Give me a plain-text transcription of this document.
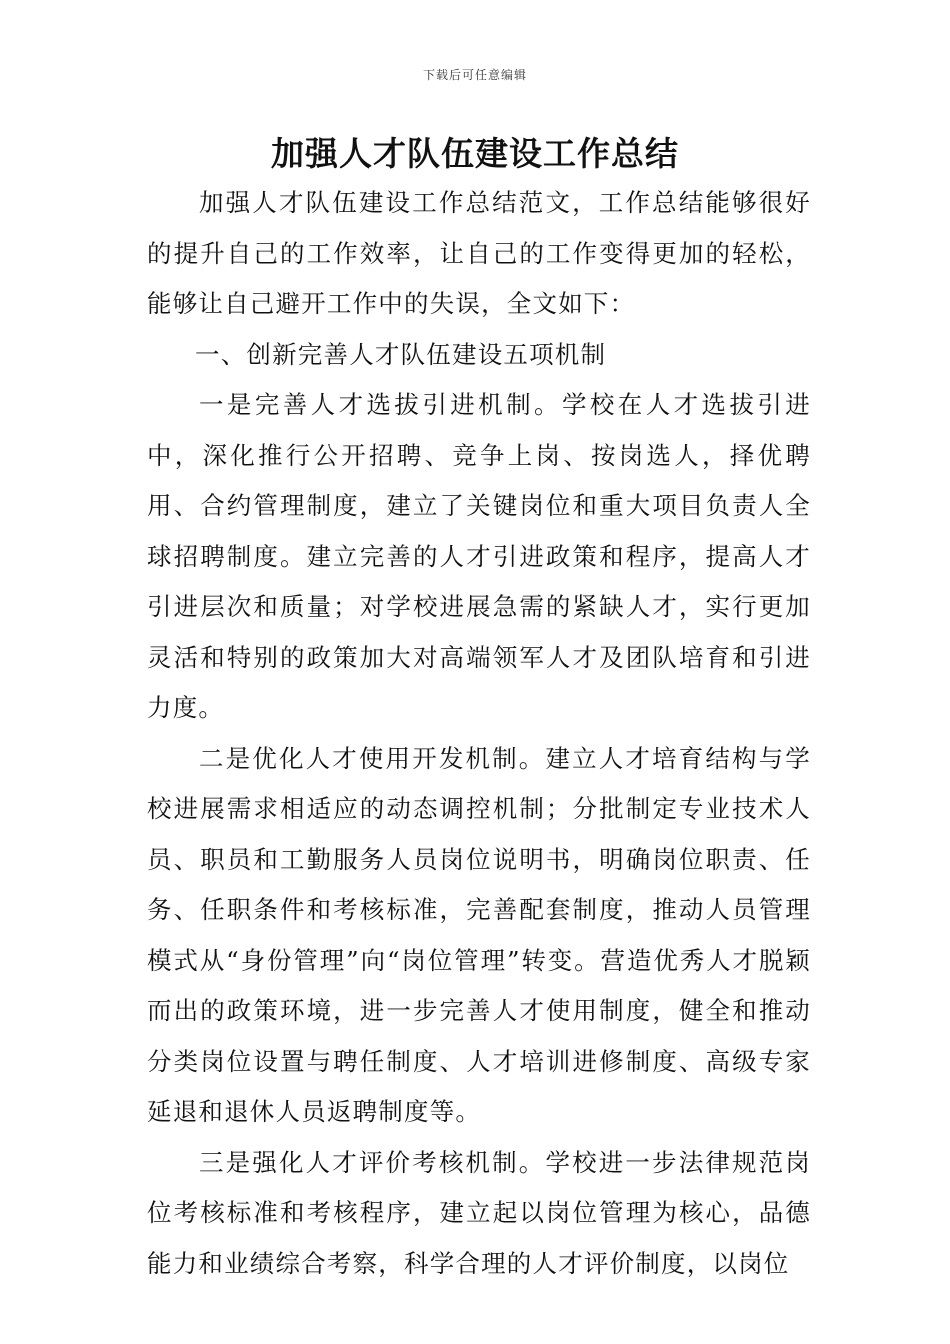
下载后可任意编辑
加强人才队伍建设工作总结

加强人才队伍建设工作总结范文，工作总结能够很好的提升自己的工作效率，让自己的工作变得更加的轻松，能够让自己避开工作中的失误，全文如下：

一、创新完善人才队伍建设五项机制

一是完善人才选拔引进机制。学校在人才选拔引进中，深化推行公开招聘、竞争上岗、按岗选人，择优聘用、合约管理制度，建立了关键岗位和重大项目负责人全球招聘制度。建立完善的人才引进政策和程序，提高人才引进层次和质量；对学校进展急需的紧缺人才，实行更加灵活和特别的政策加大对高端领军人才及团队培育和引进力度。

二是优化人才使用开发机制。建立人才培育结构与学校进展需求相适应的动态调控机制；分批制定专业技术人员、职员和工勤服务人员岗位说明书，明确岗位职责、任务、任职条件和考核标准，完善配套制度，推动人员管理模式从“身份管理”向“岗位管理”转变。营造优秀人才脱颖而出的政策环境，进一步完善人才使用制度，健全和推动分类岗位设置与聘任制度、人才培训进修制度、高级专家延退和退休人员返聘制度等。

三是强化人才评价考核机制。学校进一步法律规范岗位考核标准和考核程序，建立起以岗位管理为核心，品德能力和业绩综合考察，科学合理的人才评价制度，以岗位
